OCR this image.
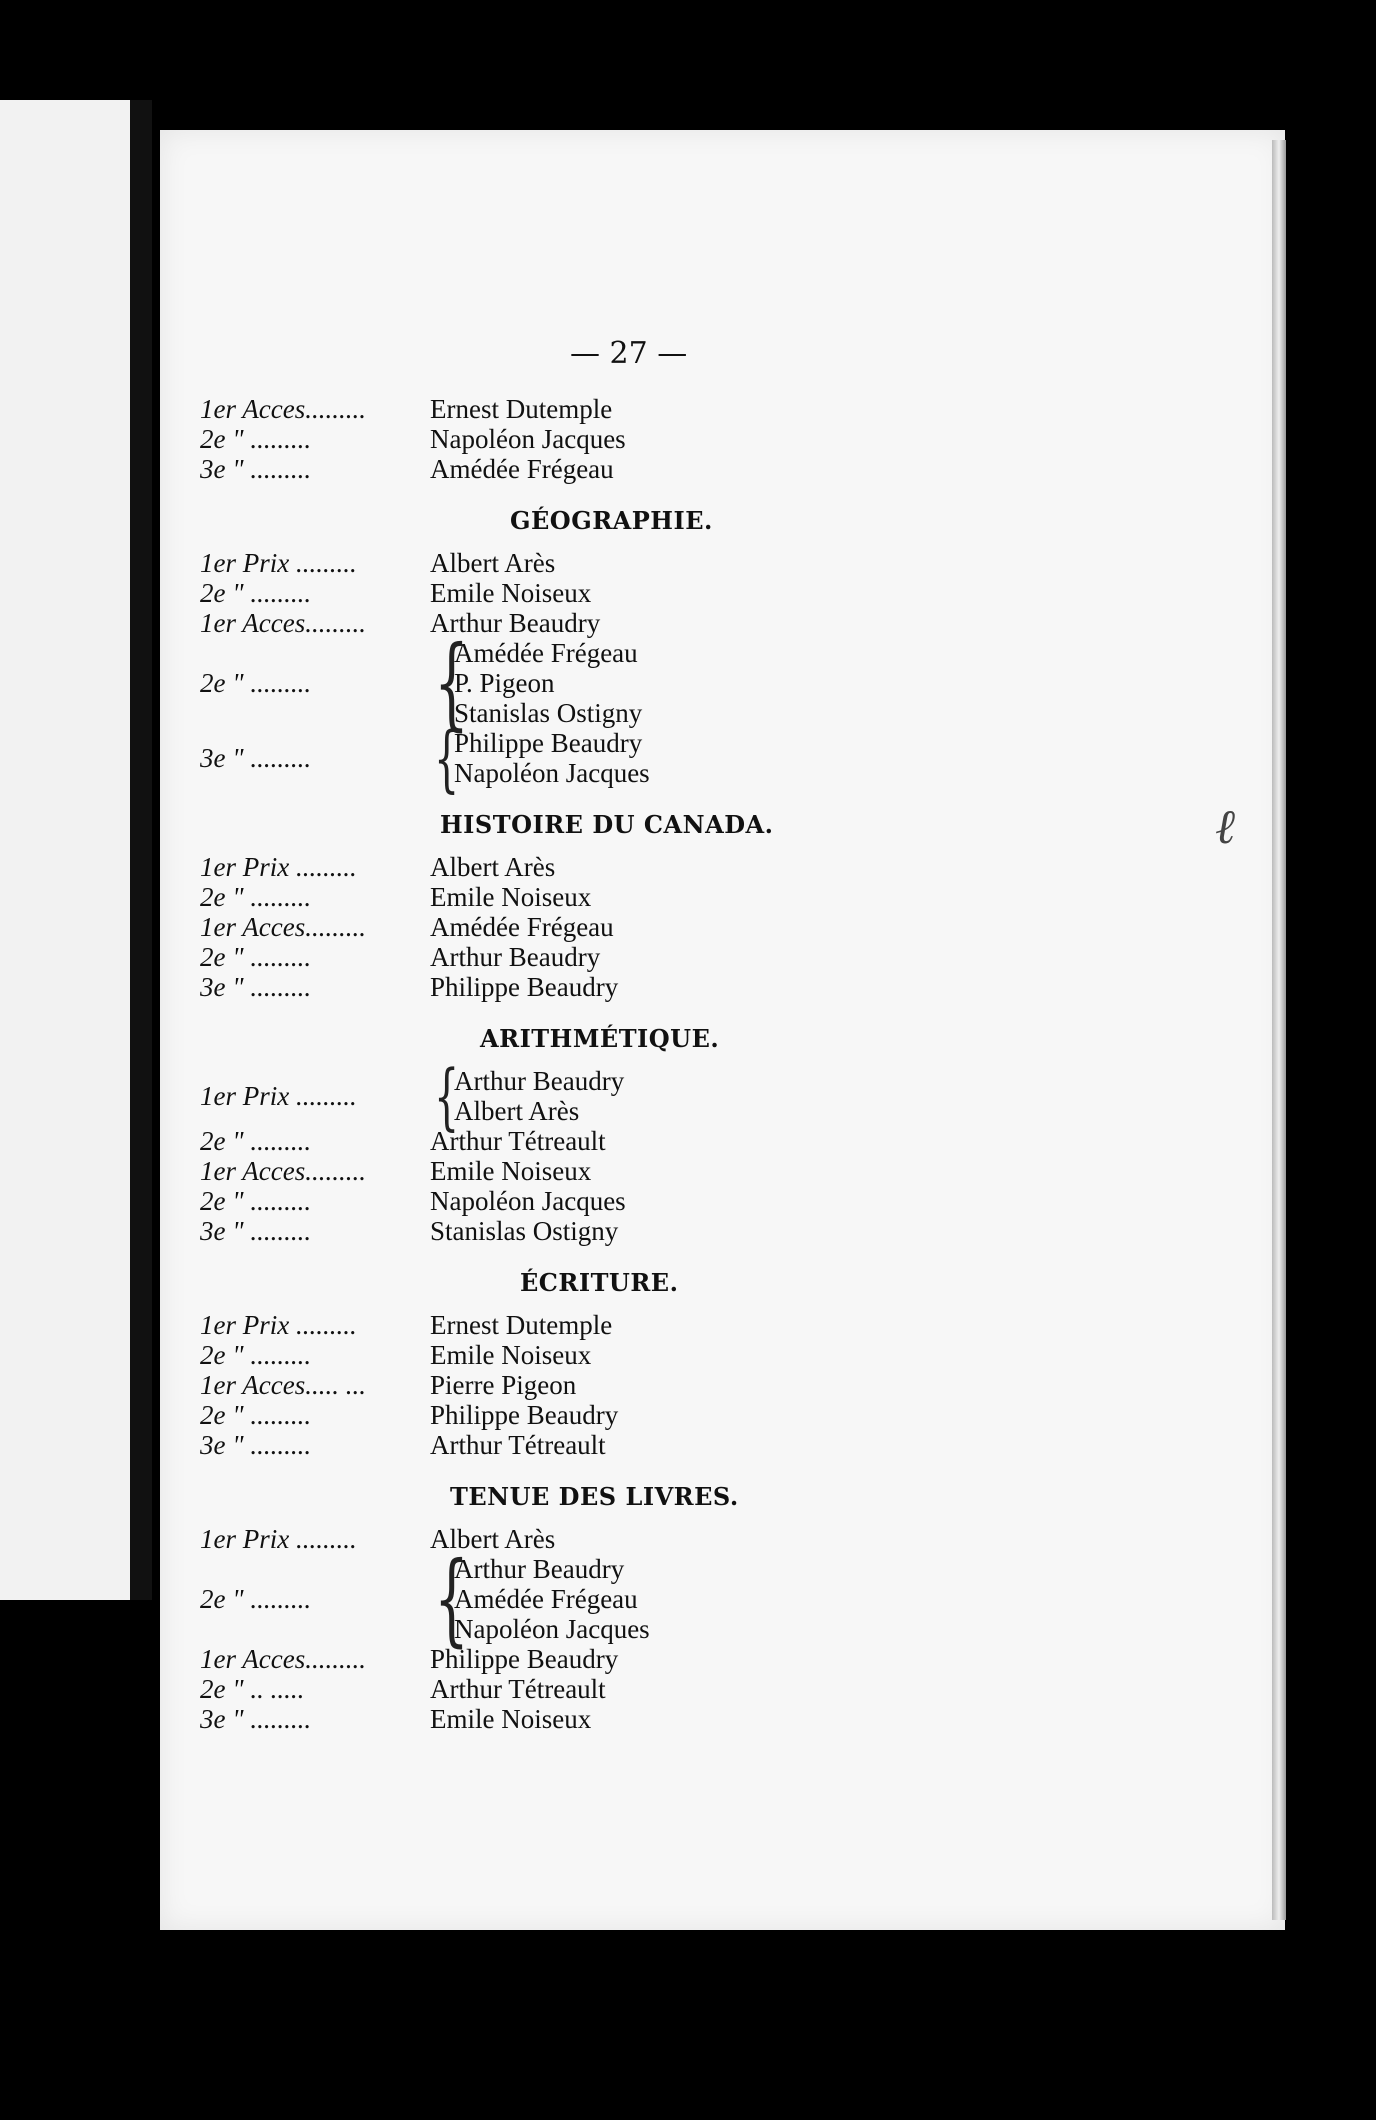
— 27 —
ℓ
1er Acces.........	Ernest Dutemple
2e " .........	Napoléon Jacques
3e " .........	Amédée Frégeau
GÉOGRAPHIE.
1er Prix .........	Albert Arès
2e " .........	Emile Noiseux
1er Acces.........	Arthur Beaudry
2e " .........	{
Amédée Frégeau
P. Pigeon
Stanislas Ostigny
3e " .........	{
Philippe Beaudry
Napoléon Jacques
HISTOIRE DU CANADA.
1er Prix .........	Albert Arès
2e " .........	Emile Noiseux
1er Acces.........	Amédée Frégeau
2e " .........	Arthur Beaudry
3e " .........	Philippe Beaudry
ARITHMÉTIQUE.
1er Prix .........	{
Arthur Beaudry
Albert Arès
2e " .........	Arthur Tétreault
1er Acces.........	Emile Noiseux
2e " .........	Napoléon Jacques
3e " .........	Stanislas Ostigny
ÉCRITURE.
1er Prix .........	Ernest Dutemple
2e " .........	Emile Noiseux
1er Acces..... ...	Pierre Pigeon
2e " .........	Philippe Beaudry
3e " .........	Arthur Tétreault
TENUE DES LIVRES.
1er Prix .........	Albert Arès
2e " .........	{
Arthur Beaudry
Amédée Frégeau
Napoléon Jacques
1er Acces.........	Philippe Beaudry
2e " .. .....	Arthur Tétreault
3e " .........	Emile Noiseux
